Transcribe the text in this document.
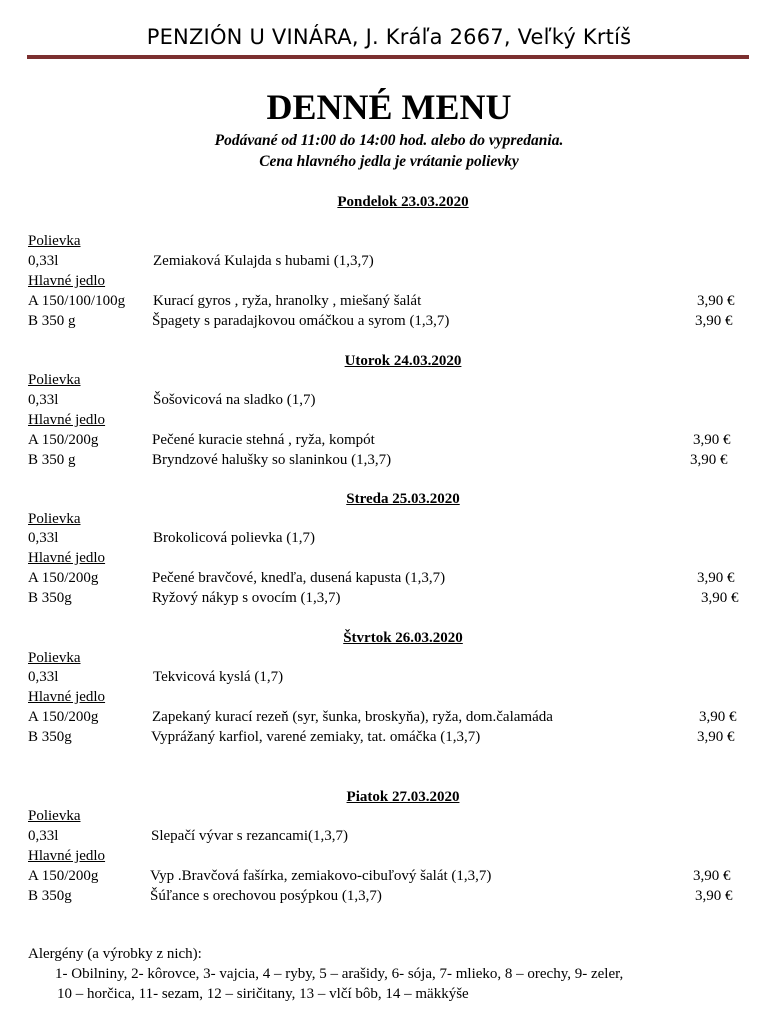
PENZIÓN U VINÁRA, J. Kráľa 2667, Veľký Krtíš
DENNÉ MENU
Podávané od 11:00 do 14:00 hod. alebo do vypredania.
Cena hlavného jedla je vrátanie polievky
Pondelok 23.03.2020
Polievka
0,33l	Zemiaková Kulajda s hubami (1,3,7)
Hlavné jedlo
A 150/100/100g Kurací gyros , ryža, hranolky , miešaný šalát	3,90 €
B 350 g	Špagety s paradajkovou omáčkou a syrom (1,3,7)	3,90 €
Utorok 24.03.2020
Polievka
0,33l	Šošovicová na sladko (1,7)
Hlavné jedlo
A 150/200g	Pečené kuracie stehná , ryža, kompót	3,90 €
B 350 g	Bryndzové halušky so slaninkou (1,3,7)	3,90 €
Streda 25.03.2020
Polievka
0,33l	Brokolicová polievka (1,7)
Hlavné jedlo
A 150/200g	Pečené bravčové, knedľa, dusená kapusta (1,3,7)	3,90 €
B 350g	Ryžový nákyp s ovocím (1,3,7)	3,90 €
Štvrtok 26.03.2020
Polievka
0,33l	Tekvicová kyslá (1,7)
Hlavné jedlo
A 150/200g	Zapekaný kurací rezeň (syr, šunka, broskyňa), ryža, dom.čalamáda	3,90 €
B 350g	Vyprážaný karfiol, varené zemiaky, tat. omáčka (1,3,7)	3,90 €
Piatok 27.03.2020
Polievka
0,33l	Slepačí vývar s rezancami(1,3,7)
Hlavné jedlo
A 150/200g	Vyp .Bravčová fašírka, zemiakovo-cibuľový šalát (1,3,7)	3,90 €
B 350g	Šúľance s orechovou posýpkou (1,3,7)	3,90 €
Alergény (a výrobky z nich):
1- Obilniny, 2- kôrovce, 3- vajcia, 4 – ryby, 5 – arašidy, 6- sója, 7- mlieko, 8 – orechy, 9- zeler,
10 – horčica, 11- sezam, 12 – siričitany, 13 – vlčí bôb, 14 – mäkkýše
